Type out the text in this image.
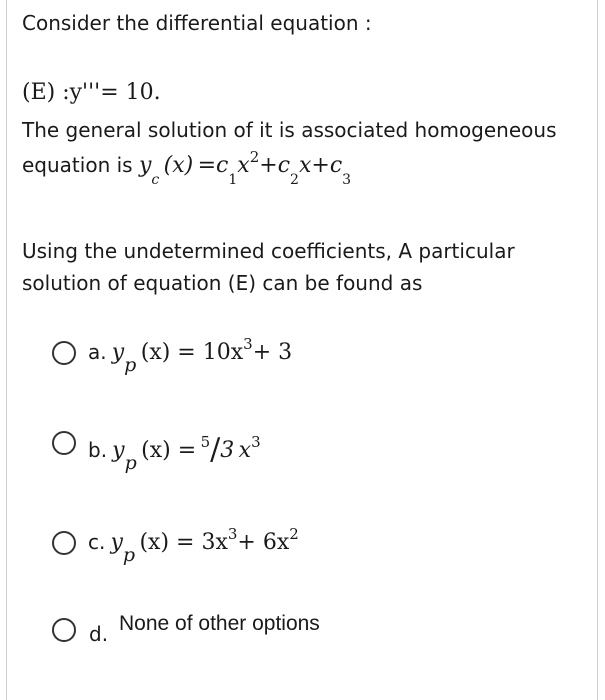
Consider the differential equation :
(E) :y'''= 10.
The general solution of it is associated homogeneous
equation is $y_c$ $(x) =c_1x^2+c_2x+c_3$
Using the undetermined coefficients, A particular
solution of equation (E) can be found as
a. yp  $(x) = 10x^3+ 3$
b. yp  (x) =  $^5$/3  $x^3$
c. yp  $(x) = 3x^3+ 6x^2$
d. None of other options
